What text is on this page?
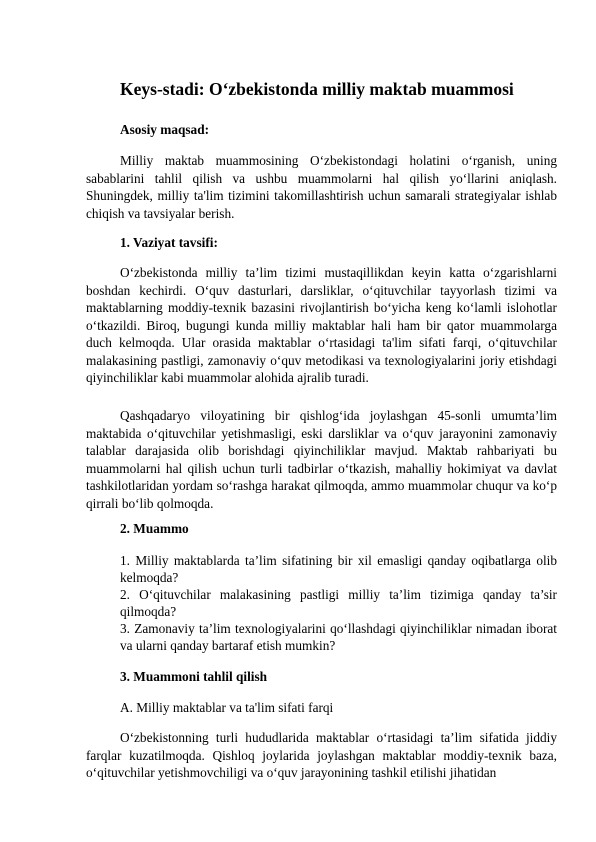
Keys-stadi: O‘zbekistonda milliy maktab muammosi

Asosiy maqsad:

Milliy maktab muammosining O‘zbekistondagi holatini o‘rganish, uning sabablarini tahlil qilish va ushbu muammolarni hal qilish yo‘llarini aniqlash. Shuningdek, milliy ta'lim tizimini takomillashtirish uchun samarali strategiyalar ishlab chiqish va tavsiyalar berish.

1. Vaziyat tavsifi:

O‘zbekistonda milliy ta’lim tizimi mustaqillikdan keyin katta o‘zgarishlarni boshdan kechirdi. O‘quv dasturlari, darsliklar, o‘qituvchilar tayyorlash tizimi va maktablarning moddiy-texnik bazasini rivojlantirish bo‘yicha keng ko‘lamli islohotlar o‘tkazildi. Biroq, bugungi kunda milliy maktablar hali ham bir qator muammolarga duch kelmoqda. Ular orasida maktablar o‘rtasidagi ta'lim sifati farqi, o‘qituvchilar malakasining pastligi, zamonaviy o‘quv metodikasi va texnologiyalarini joriy etishdagi qiyinchiliklar kabi muammolar alohida ajralib turadi.

Qashqadaryo viloyatining bir qishlog‘ida joylashgan 45-sonli umumta’lim maktabida o‘qituvchilar yetishmasligi, eski darsliklar va o‘quv jarayonini zamonaviy talablar darajasida olib borishdagi qiyinchiliklar mavjud. Maktab rahbariyati bu muammolarni hal qilish uchun turli tadbirlar o‘tkazish, mahalliy hokimiyat va davlat tashkilotlaridan yordam so‘rashga harakat qilmoqda, ammo muammolar chuqur va ko‘p qirrali bo‘lib qolmoqda.

2. Muammo

1. Milliy maktablarda ta’lim sifatining bir xil emasligi qanday oqibatlarga olib kelmoqda?

2. O‘qituvchilar malakasining pastligi milliy ta’lim tizimiga qanday ta’sir qilmoqda?

3. Zamonaviy ta’lim texnologiyalarini qo‘llashdagi qiyinchiliklar nimadan iborat va ularni qanday bartaraf etish mumkin?

3. Muammoni tahlil qilish

A. Milliy maktablar va ta'lim sifati farqi

O‘zbekistonning turli hududlarida maktablar o‘rtasidagi ta’lim sifatida jiddiy farqlar kuzatilmoqda. Qishloq joylarida joylashgan maktablar moddiy-texnik baza, o‘qituvchilar yetishmovchiligi va o‘quv jarayonining tashkil etilishi jihatidan
